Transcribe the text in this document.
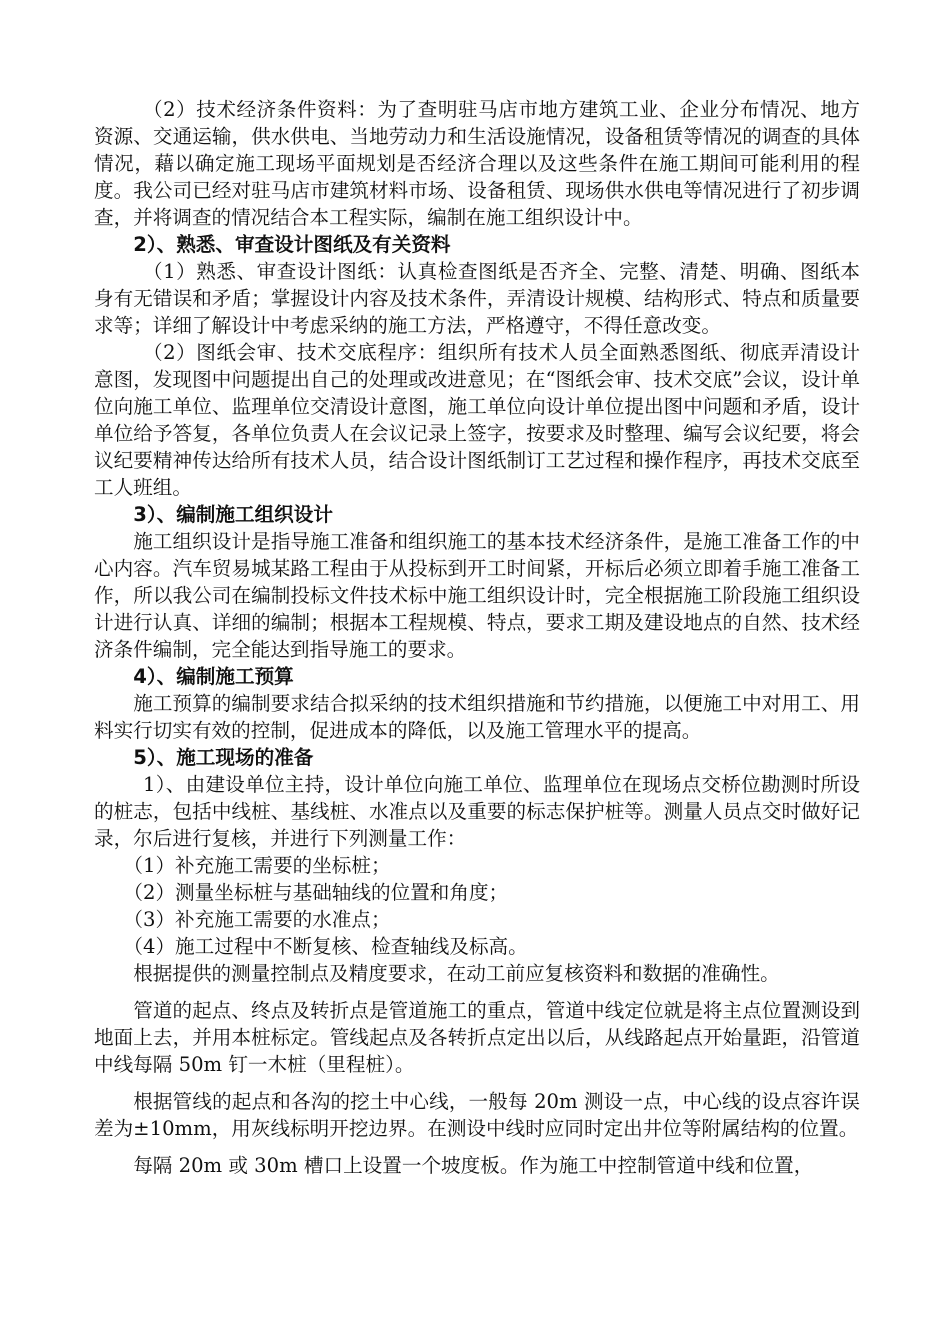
（2）技术经济条件资料：为了查明驻马店市地方建筑工业、企业分布情况、地方资源、交通运输，供水供电、当地劳动力和生活设施情况，设备租赁等情况的调查的具体情况，藉以确定施工现场平面规划是否经济合理以及这些条件在施工期间可能利用的程度。我公司已经对驻马店市建筑材料市场、设备租赁、现场供水供电等情况进行了初步调查，并将调查的情况结合本工程实际，编制在施工组织设计中。

2）、熟悉、审查设计图纸及有关资料

（1）熟悉、审查设计图纸：认真检查图纸是否齐全、完整、清楚、明确、图纸本身有无错误和矛盾；掌握设计内容及技术条件，弄清设计规模、结构形式、特点和质量要求等；详细了解设计中考虑采纳的施工方法，严格遵守，不得任意改变。

（2）图纸会审、技术交底程序：组织所有技术人员全面熟悉图纸、彻底弄清设计意图，发现图中问题提出自己的处理或改进意见；在“图纸会审、技术交底”会议，设计单位向施工单位、监理单位交清设计意图，施工单位向设计单位提出图中问题和矛盾，设计单位给予答复，各单位负责人在会议记录上签字，按要求及时整理、编写会议纪要，将会议纪要精神传达给所有技术人员，结合设计图纸制订工艺过程和操作程序，再技术交底至工人班组。

3）、编制施工组织设计

施工组织设计是指导施工准备和组织施工的基本技术经济条件，是施工准备工作的中心内容。汽车贸易城某路工程由于从投标到开工时间紧，开标后必须立即着手施工准备工作，所以我公司在编制投标文件技术标中施工组织设计时，完全根据施工阶段施工组织设计进行认真、详细的编制；根据本工程规模、特点，要求工期及建设地点的自然、技术经济条件编制，完全能达到指导施工的要求。

4）、编制施工预算

施工预算的编制要求结合拟采纳的技术组织措施和节约措施，以便施工中对用工、用料实行切实有效的控制，促进成本的降低，以及施工管理水平的提高。

5）、施工现场的准备

1）、由建设单位主持，设计单位向施工单位、监理单位在现场点交桥位勘测时所设的桩志，包括中线桩、基线桩、水准点以及重要的标志保护桩等。测量人员点交时做好记录，尔后进行复核，并进行下列测量工作：

（1）补充施工需要的坐标桩；

（2）测量坐标桩与基础轴线的位置和角度；

（3）补充施工需要的水准点；

（4）施工过程中不断复核、检查轴线及标高。

根据提供的测量控制点及精度要求，在动工前应复核资料和数据的准确性。

管道的起点、终点及转折点是管道施工的重点，管道中线定位就是将主点位置测设到地面上去，并用本桩标定。管线起点及各转折点定出以后，从线路起点开始量距，沿管道中线每隔 50m 钉一木桩（里程桩）。

根据管线的起点和各沟的挖土中心线，一般每 20m 测设一点，中心线的设点容许误差为±10mm，用灰线标明开挖边界。在测设中线时应同时定出井位等附属结构的位置。

每隔 20m 或 30m 槽口上设置一个坡度板。作为施工中控制管道中线和位置，
